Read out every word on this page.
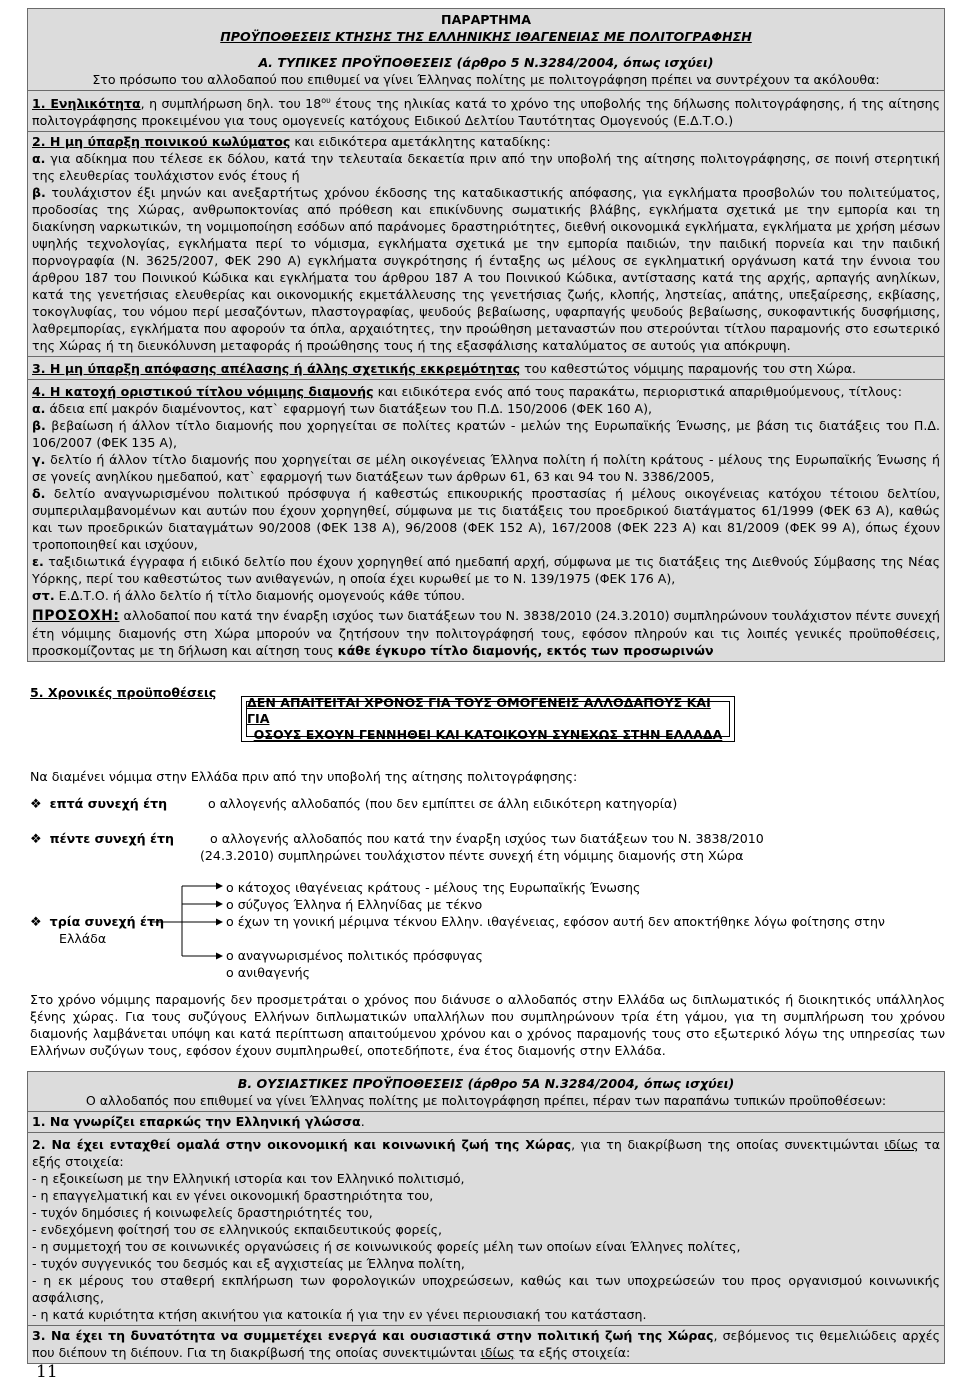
ΠΑΡΑΡΤΗΜΑ

ΠΡΟΫΠΟΘΕΣΕΙΣ ΚΤΗΣΗΣ ΤΗΣ ΕΛΛΗΝΙΚΗΣ ΙΘΑΓΕΝΕΙΑΣ ΜΕ ΠΟΛΙΤΟΓΡΑΦΗΣΗ

Α. ΤΥΠΙΚΕΣ ΠΡΟΫΠΟΘΕΣΕΙΣ (άρθρο 5 Ν.3284/2004, όπως ισχύει)

Στο πρόσωπο του αλλοδαπού που επιθυμεί να γίνει Έλληνας πολίτης με πολιτογράφηση πρέπει να συντρέχουν τα ακόλουθα:

1. Ενηλικότητα, η συμπλήρωση δηλ. του $18^{o\upsilon}$ έτους της ηλικίας κατά το χρόνο της υποβολής της δήλωσης πολιτογράφησης, ή της αίτησης πολιτογράφησης προκειμένου για τους ομογενείς κατόχους Ειδικού Δελτίου Ταυτότητας Ομογενούς (Ε.Δ.Τ.Ο.)

2. Η μη ύπαρξη ποινικού κωλύματος και ειδικότερα αμετάκλητης καταδίκης:

α. για αδίκημα που τέλεσε εκ δόλου, κατά την τελευταία δεκαετία πριν από την υποβολή της αίτησης πολιτογράφησης, σε ποινή στερητική της ελευθερίας τουλάχιστον ενός έτους ή

β. τουλάχιστον έξι μηνών και ανεξαρτήτως χρόνου έκδοσης της καταδικαστικής απόφασης, για εγκλήματα προσβολών του πολιτεύματος, προδοσίας της Χώρας, ανθρωποκτονίας από πρόθεση και επικίνδυνης σωματικής βλάβης, εγκλήματα σχετικά με την εμπορία και τη διακίνηση ναρκωτικών, τη νομιμοποίηση εσόδων από παράνομες δραστηριότητες, διεθνή οικονομικά εγκλήματα, εγκλήματα με χρήση μέσων υψηλής τεχνολογίας, εγκλήματα περί το νόμισμα, εγκλήματα σχετικά με την εμπορία παιδιών, την παιδική πορνεία και την παιδική πορνογραφία (Ν. 3625/2007, ΦΕΚ 290 Α) εγκλήματα συγκρότησης ή ένταξης ως μέλους σε εγκληματική οργάνωση κατά την έννοια του άρθρου 187 του Ποινικού Κώδικα και εγκλήματα του άρθρου 187 Α του Ποινικού Κώδικα, αντίστασης κατά της αρχής, αρπαγής ανηλίκων, κατά της γενετήσιας ελευθερίας και οικονομικής εκμετάλλευσης της γενετήσιας ζωής, κλοπής, ληστείας, απάτης, υπεξαίρεσης, εκβίασης, τοκογλυφίας, του νόμου περί μεσαζόντων, πλαστογραφίας, ψευδούς βεβαίωσης, υφαρπαγής ψευδούς βεβαίωσης, συκοφαντικής δυσφήμισης, λαθρεμπορίας, εγκλήματα που αφορούν τα όπλα, αρχαιότητες, την προώθηση μεταναστών που στερούνται τίτλου παραμονής στο εσωτερικό της Χώρας ή τη διευκόλυνση μεταφοράς ή προώθησης τους ή της εξασφάλισης καταλύματος σε αυτούς για απόκρυψη.

3. Η μη ύπαρξη απόφασης απέλασης ή άλλης σχετικής εκκρεμότητας του καθεστώτος νόμιμης παραμονής του στη Χώρα.

4. Η κατοχή οριστικού τίτλου νόμιμης διαμονής και ειδικότερα ενός από τους παρακάτω, περιοριστικά απαριθμούμενους, τίτλους:

α. άδεια επί μακρόν διαμένοντος, κατ` εφαρμογή των διατάξεων του Π.Δ. 150/2006 (ΦΕΚ 160 Α),

β. βεβαίωση ή άλλον τίτλο διαμονής που χορηγείται σε πολίτες κρατών - μελών της Ευρωπαϊκής Ένωσης, με βάση τις διατάξεις του Π.Δ. 106/2007 (ΦΕΚ 135 Α),

γ. δελτίο ή άλλον τίτλο διαμονής που χορηγείται σε μέλη οικογένειας Έλληνα πολίτη ή πολίτη κράτους - μέλους της Ευρωπαϊκής Ένωσης ή σε γονείς ανηλίκου ημεδαπού, κατ` εφαρμογή των διατάξεων των άρθρων 61, 63 και 94 του Ν. 3386/2005,

δ. δελτίο αναγνωρισμένου πολιτικού πρόσφυγα ή καθεστώς επικουρικής προστασίας ή μέλους οικογένειας κατόχου τέτοιου δελτίου, συμπεριλαμβανομένων και αυτών που έχουν χορηγηθεί, σύμφωνα με τις διατάξεις του προεδρικού διατάγματος 61/1999 (ΦΕΚ 63 Α), καθώς και των προεδρικών διαταγμάτων 90/2008 (ΦΕΚ 138 Α), 96/2008 (ΦΕΚ 152 Α), 167/2008 (ΦΕΚ 223 Α) και 81/2009 (ΦΕΚ 99 Α), όπως έχουν τροποποιηθεί και ισχύουν,

ε. ταξιδιωτικά έγγραφα ή ειδικό δελτίο που έχουν χορηγηθεί από ημεδαπή αρχή, σύμφωνα με τις διατάξεις της Διεθνούς Σύμβασης της Νέας Υόρκης, περί του καθεστώτος των ανιθαγενών, η οποία έχει κυρωθεί με το Ν. 139/1975 (ΦΕΚ 176 Α),

στ. Ε.Δ.Τ.Ο. ή άλλο δελτίο ή τίτλο διαμονής ομογενούς κάθε τύπου.

ΠΡΟΣΟΧΗ: αλλοδαποί που κατά την έναρξη ισχύος των διατάξεων του Ν. 3838/2010 (24.3.2010) συμπληρώνουν τουλάχιστον πέντε συνεχή έτη νόμιμης διαμονής στη Χώρα μπορούν να ζητήσουν την πολιτογράφησή τους, εφόσον πληρούν και τις λοιπές γενικές προϋποθέσεις, προσκομίζοντας με τη δήλωση και αίτηση τους κάθε έγκυρο τίτλο διαμονής, εκτός των προσωρινών

5. Χρονικές προϋποθέσεις
ΔΕΝ ΑΠΑΙΤΕΙΤΑΙ ΧΡΟΝΟΣ ΓΙΑ ΤΟΥΣ ΟΜΟΓΕΝΕΙΣ ΑΛΛΟΔΑΠΟΥΣ ΚΑΙ ΓΙΑ
ΟΣΟΥΣ ΕΧΟΥΝ ΓΕΝΝΗΘΕΙ ΚΑΙ ΚΑΤΟΙΚΟΥΝ ΣΥΝΕΧΩΣ ΣΤΗΝ ΕΛΛΑΔΑ
Να διαμένει νόμιμα στην Ελλάδα πριν από την υποβολή της αίτησης πολιτογράφησης:
❖ επτά συνεχή έτη	ο αλλογενής αλλοδαπός (που δεν εμπίπτει σε άλλη ειδικότερη κατηγορία)
❖ πέντε συνεχή έτη	ο αλλογενής αλλοδαπός που κατά την έναρξη ισχύος των διατάξεων του Ν. 3838/2010
(24.3.2010) συμπληρώνει τουλάχιστον πέντε συνεχή έτη νόμιμης διαμονής στη Χώρα
❖ τρία συνεχή έτη
Ελλάδα
ο κάτοχος ιθαγένειας κράτους - μέλους της Ευρωπαϊκής Ένωσης
ο σύζυγος Έλληνα ή Ελληνίδας με τέκνο
ο έχων τη γονική μέριμνα τέκνου Ελλην. ιθαγένειας, εφόσον αυτή δεν αποκτήθηκε λόγω φοίτησης στην
ο αναγνωρισμένος πολιτικός πρόσφυγας
ο ανιθαγενής
Στο χρόνο νόμιμης παραμονής δεν προσμετράται ο χρόνος που διάνυσε ο αλλοδαπός στην Ελλάδα ως διπλωματικός ή διοικητικός υπάλληλος ξένης χώρας. Για τους συζύγους Ελλήνων διπλωματικών υπαλλήλων που συμπληρώνουν τρία έτη γάμου, για τη συμπλήρωση του χρόνου διαμονής λαμβάνεται υπόψη και κατά περίπτωση απαιτούμενου χρόνου και ο χρόνος παραμονής τους στο εξωτερικό λόγω της υπηρεσίας των Ελλήνων συζύγων τους, εφόσον έχουν συμπληρωθεί, οποτεδήποτε, ένα έτος διαμονής στην Ελλάδα.

Β. ΟΥΣΙΑΣΤΙΚΕΣ ΠΡΟΫΠΟΘΕΣΕΙΣ (άρθρο 5Α Ν.3284/2004, όπως ισχύει)

Ο αλλοδαπός που επιθυμεί να γίνει Έλληνας πολίτης με πολιτογράφηση πρέπει, πέραν των παραπάνω τυπικών προϋποθέσεων:

1. Να γνωρίζει επαρκώς την Ελληνική γλώσσα.

2. Να έχει ενταχθεί ομαλά στην οικονομική και κοινωνική ζωή της Χώρας, για τη διακρίβωση της οποίας συνεκτιμώνται ιδίως τα εξής στοιχεία:

- η εξοικείωση με την Ελληνική ιστορία και τον Ελληνικό πολιτισμό,

- η επαγγελματική και εν γένει οικονομική δραστηριότητα του,

- τυχόν δημόσιες ή κοινωφελείς δραστηριότητές του,

- ενδεχόμενη φοίτησή του σε ελληνικούς εκπαιδευτικούς φορείς,

- η συμμετοχή του σε κοινωνικές οργανώσεις ή σε κοινωνικούς φορείς μέλη των οποίων είναι Έλληνες πολίτες,

- τυχόν συγγενικός του δεσμός και εξ αγχιστείας με Έλληνα πολίτη,

- η εκ μέρους του σταθερή εκπλήρωση των φορολογικών υποχρεώσεων, καθώς και των υποχρεώσεών του προς οργανισμού κοινωνικής ασφάλισης,

- η κατά κυριότητα κτήση ακινήτου για κατοικία ή για την εν γένει περιουσιακή του κατάσταση.

3. Να έχει τη δυνατότητα να συμμετέχει ενεργά και ουσιαστικά στην πολιτική ζωή της Χώρας, σεβόμενος τις θεμελιώδεις αρχές που διέπουν τη διέπουν. Για τη διακρίβωσή της οποίας συνεκτιμώνται ιδίως τα εξής στοιχεία:
11
